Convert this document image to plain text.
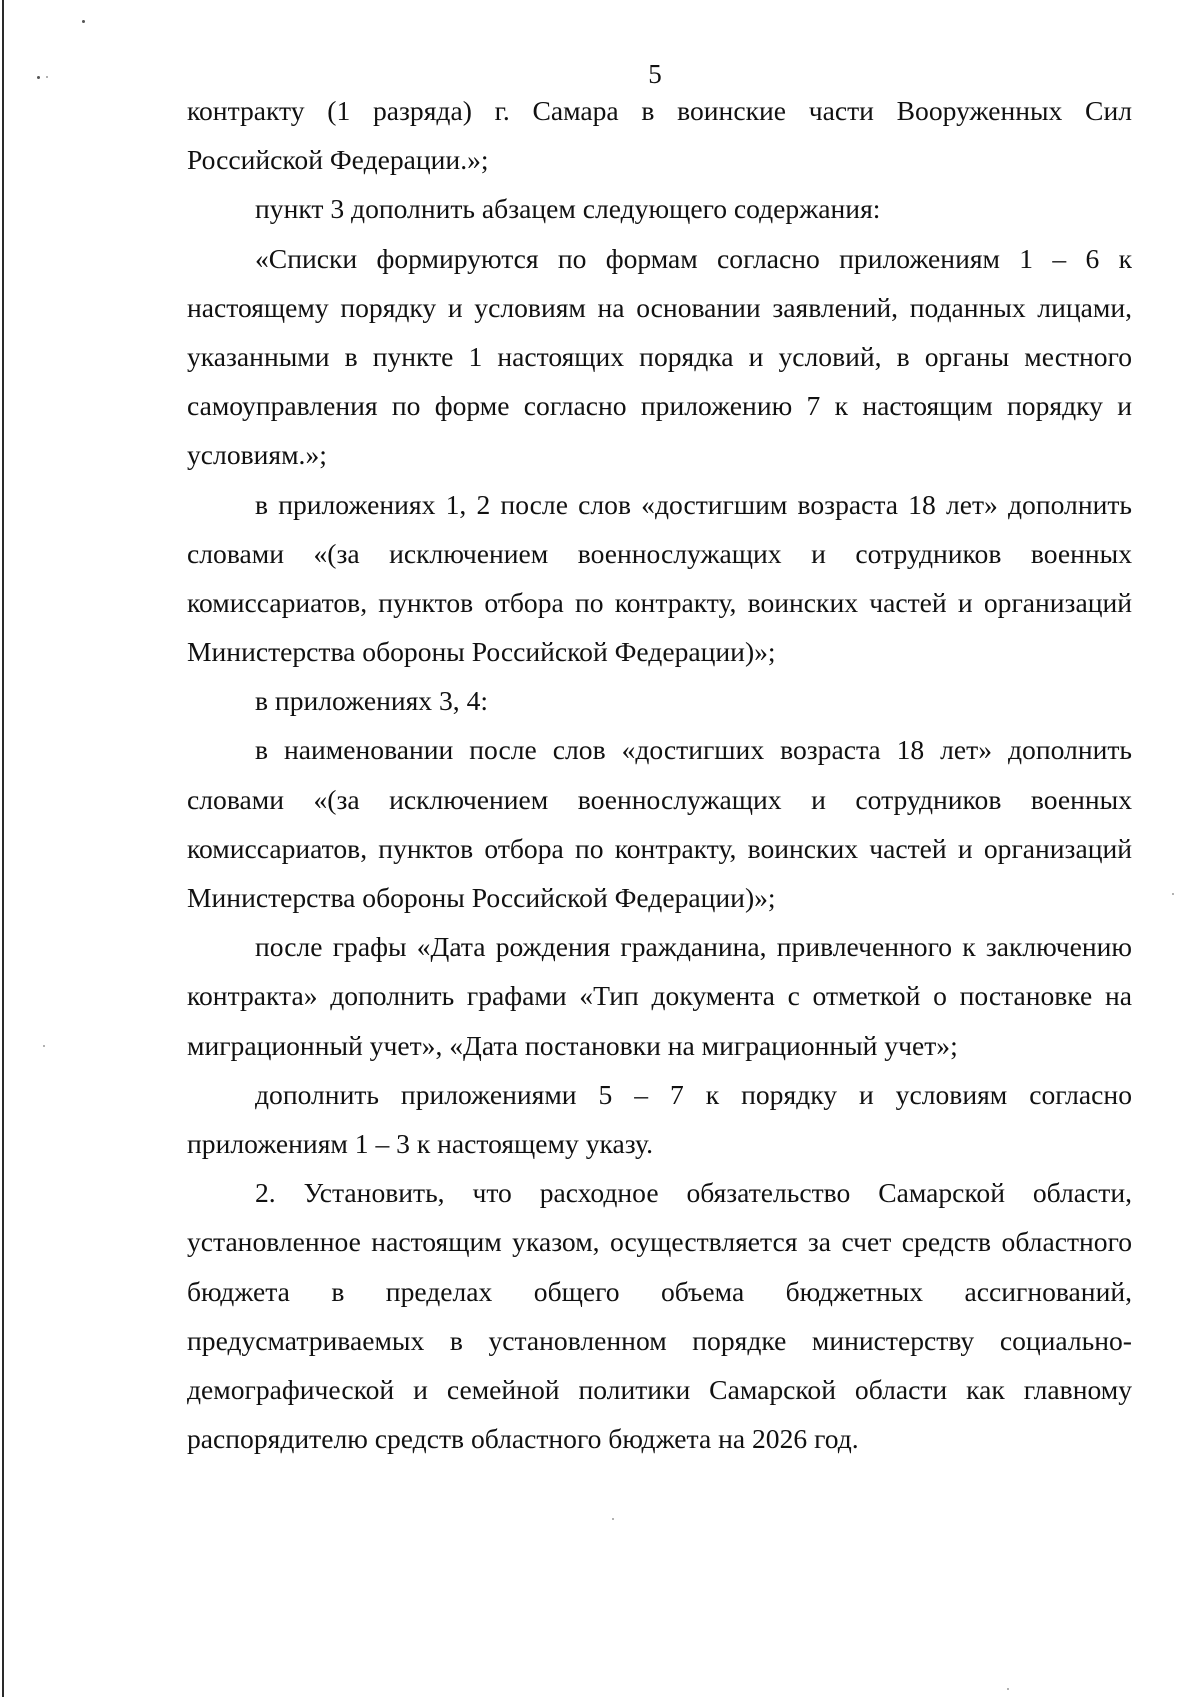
5
контракту (1 разряда) г. Самара в воинские части Вооруженных Сил
Российской Федерации.»;
пункт 3 дополнить абзацем следующего содержания:
«Списки формируются по формам согласно приложениям 1 – 6 к
настоящему порядку и условиям на основании заявлений, поданных лицами,
указанными в пункте 1 настоящих порядка и условий, в органы местного
самоуправления по форме согласно приложению 7 к настоящим порядку и
условиям.»;
в приложениях 1, 2 после слов «достигшим возраста 18 лет» дополнить
словами «(за исключением военнослужащих и сотрудников военных
комиссариатов, пунктов отбора по контракту, воинских частей и организаций
Министерства обороны Российской Федерации)»;
в приложениях 3, 4:
в наименовании после слов «достигших возраста 18 лет» дополнить
словами «(за исключением военнослужащих и сотрудников военных
комиссариатов, пунктов отбора по контракту, воинских частей и организаций
Министерства обороны Российской Федерации)»;
после графы «Дата рождения гражданина, привлеченного к заключению
контракта» дополнить графами «Тип документа с отметкой о постановке на
миграционный учет», «Дата постановки на миграционный учет»;
дополнить приложениями 5 – 7 к порядку и условиям согласно
приложениям 1 – 3 к настоящему указу.
2. Установить, что расходное обязательство Самарской области,
установленное настоящим указом, осуществляется за счет средств областного
бюджета в пределах общего объема бюджетных ассигнований,
предусматриваемых в установленном порядке министерству социально-
демографической и семейной политики Самарской области как главному
распорядителю средств областного бюджета на 2026 год.
